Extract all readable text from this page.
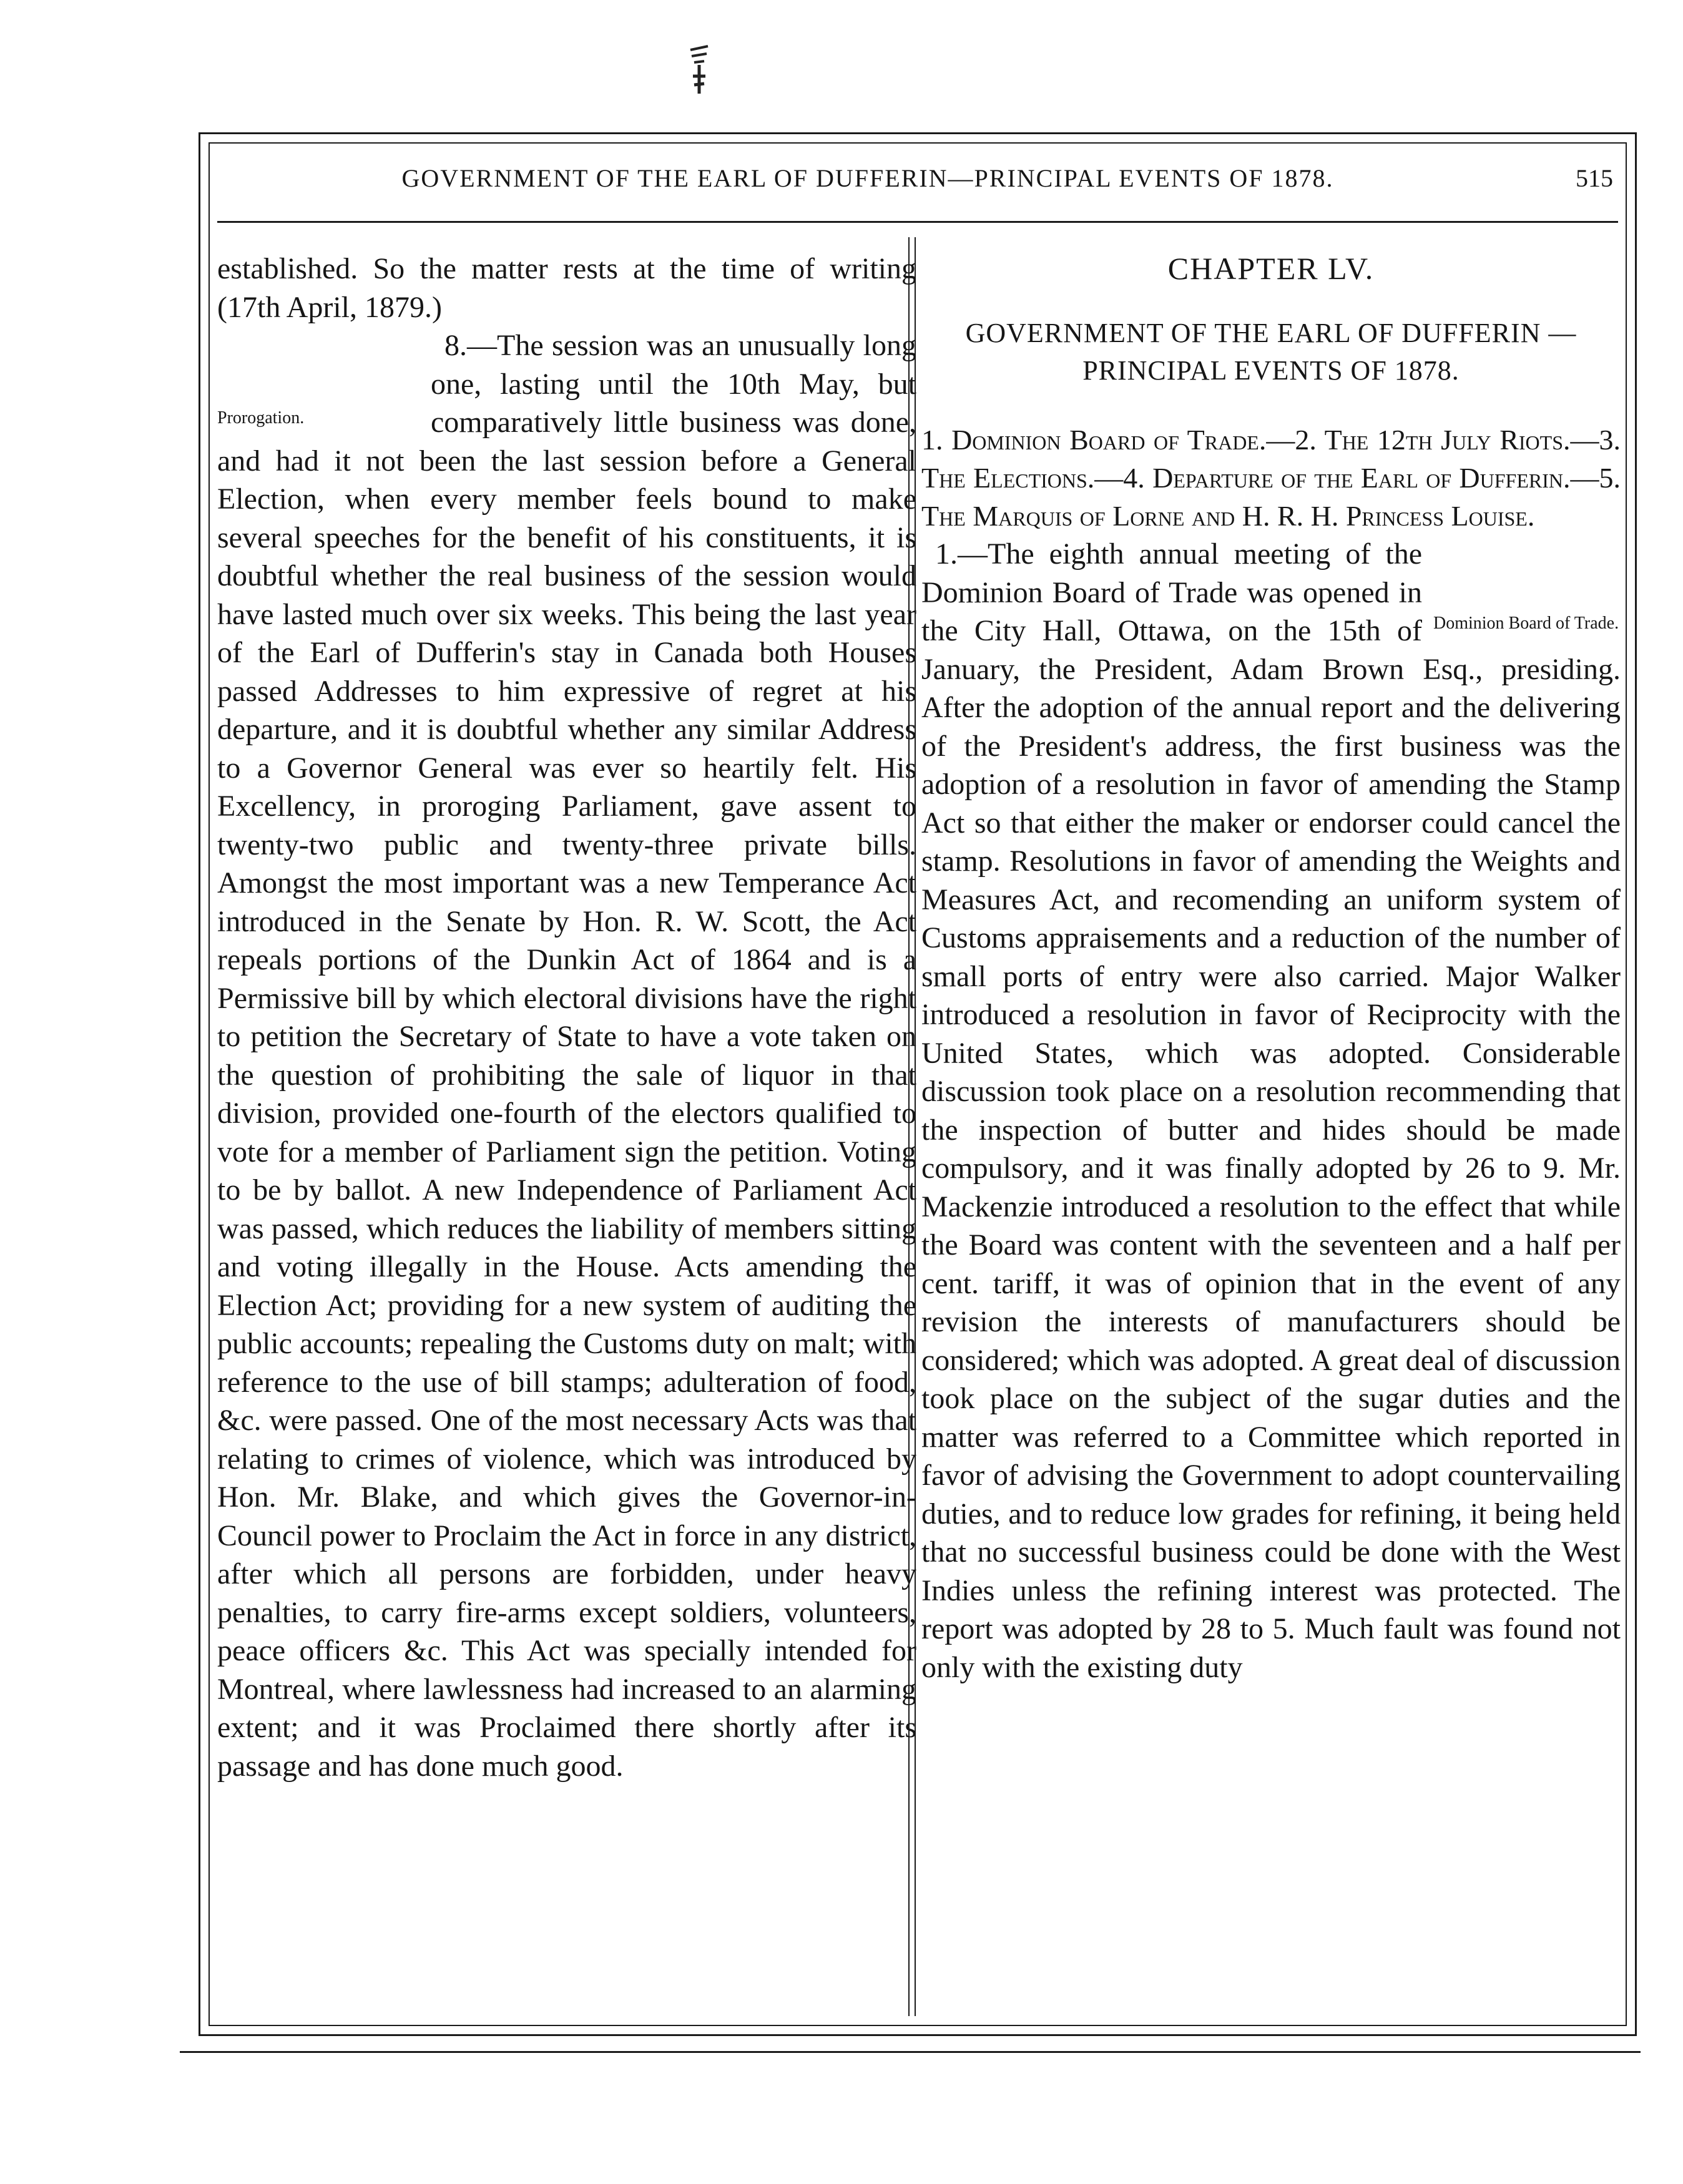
GOVERNMENT OF THE EARL OF DUFFERIN—PRINCIPAL EVENTS OF 1878.	515

established. So the matter rests at the time of writing (17th April, 1879.)

Prorogation.

8.—The session was an unusually long one, lasting until the 10th May, but comparatively little business was done, and had it not been the last session before a General Election, when every member feels bound to make several speeches for the benefit of his constituents, it is doubtful whether the real business of the session would have lasted much over six weeks. This being the last year of the Earl of Dufferin's stay in Canada both Houses passed Addresses to him expressive of regret at his departure, and it is doubtful whether any similar Address to a Governor General was ever so heartily felt. His Excellency, in proroging Parliament, gave assent to twenty-two public and twenty-three private bills. Amongst the most important was a new Temperance Act introduced in the Senate by Hon. R. W. Scott, the Act repeals portions of the Dunkin Act of 1864 and is a Permissive bill by which electoral divisions have the right to petition the Secretary of State to have a vote taken on the question of prohibiting the sale of liquor in that division, provided one-fourth of the electors qualified to vote for a member of Parliament sign the petition. Voting to be by ballot. A new Independence of Parliament Act was passed, which reduces the liability of members sitting and voting illegally in the House. Acts amending the Election Act; providing for a new system of auditing the public accounts; repealing the Customs duty on malt; with reference to the use of bill stamps; adulteration of food, &c. were passed. One of the most necessary Acts was that relating to crimes of violence, which was introduced by Hon. Mr. Blake, and which gives the Governor-in-Council power to Proclaim the Act in force in any district, after which all persons are forbidden, under heavy penalties, to carry fire-arms except soldiers, volunteers, peace officers &c. This Act was specially intended for Montreal, where lawlessness had increased to an alarming extent; and it was Proclaimed there shortly after its passage and has done much good.

CHAPTER LV.
GOVERNMENT OF THE EARL OF DUFFERIN —PRINCIPAL EVENTS OF 1878.

1. Dominion Board of Trade.—2. The 12th July Riots.—3. The Elections.—4. Departure of the Earl of Dufferin.—5. The Marquis of Lorne and H. R. H. Princess Louise.

Dominion Board of Trade.

1.—The eighth annual meeting of the Dominion Board of Trade was opened in the City Hall, Ottawa, on the 15th of January, the President, Adam Brown Esq., presiding. After the adoption of the annual report and the delivering of the President's address, the first business was the adoption of a resolution in favor of amending the Stamp Act so that either the maker or endorser could cancel the stamp. Resolutions in favor of amending the Weights and Measures Act, and recomending an uniform system of Customs appraisements and a reduction of the number of small ports of entry were also carried. Major Walker introduced a resolution in favor of Reciprocity with the United States, which was adopted. Considerable discussion took place on a resolution recommending that the inspection of butter and hides should be made compulsory, and it was finally adopted by 26 to 9. Mr. Mackenzie introduced a resolution to the effect that while the Board was content with the seventeen and a half per cent. tariff, it was of opinion that in the event of any revision the interests of manufacturers should be considered; which was adopted. A great deal of discussion took place on the subject of the sugar duties and the matter was referred to a Committee which reported in favor of advising the Government to adopt countervailing duties, and to reduce low grades for refining, it being held that no successful business could be done with the West Indies unless the refining interest was protected. The report was adopted by 28 to 5. Much fault was found not only with the existing duty
